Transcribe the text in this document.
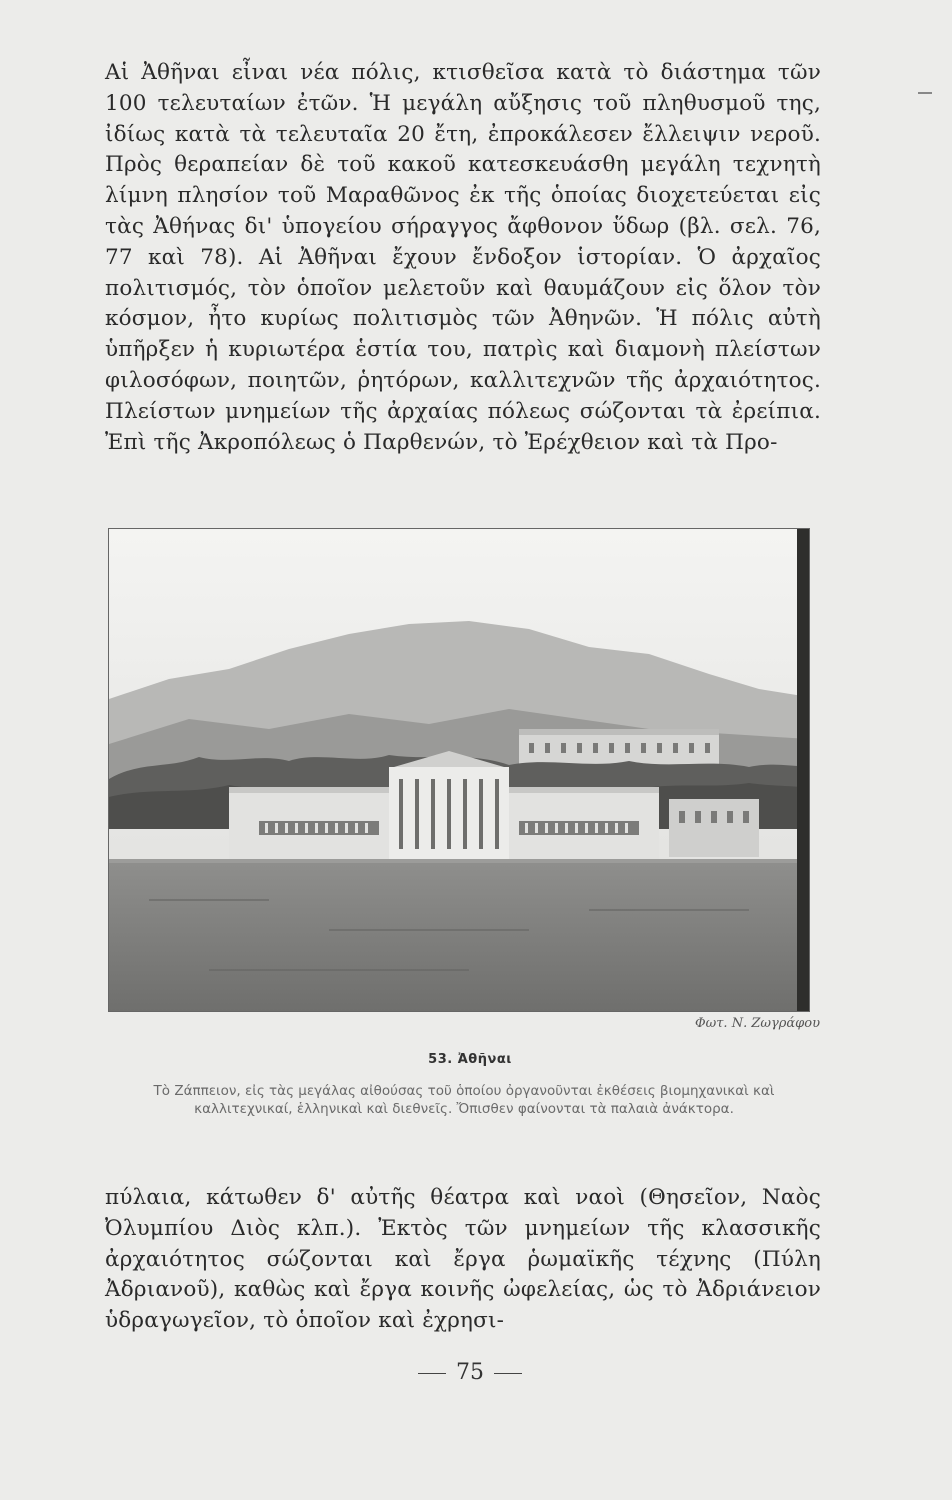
Αἱ Ἀθῆναι εἶναι νέα πόλις, κτισθεῖσα κατὰ τὸ διάστημα τῶν 100 τελευταίων ἐτῶν. Ἡ μεγάλη αὔξησις τοῦ πληθυσμοῦ της, ἰδίως κατὰ τὰ τελευταῖα 20 ἔτη, ἐπροκάλεσεν ἔλλειψιν νεροῦ. Πρὸς θεραπείαν δὲ τοῦ κακοῦ κατεσκευάσθη μεγάλη τεχνητὴ λίμνη πλησίον τοῦ Μαραθῶνος ἐκ τῆς ὁποίας διοχετεύεται εἰς τὰς Ἀθήνας δι' ὑπογείου σήραγγος ἄφθονον ὕδωρ (βλ. σελ. 76, 77 καὶ 78). Αἱ Ἀθῆναι ἔχουν ἔνδοξον ἱστορίαν. Ὁ ἀρχαῖος πολιτισμός, τὸν ὁποῖον μελετοῦν καὶ θαυμάζουν εἰς ὅλον τὸν κόσμον, ἦτο κυρίως πολιτισμὸς τῶν Ἀθηνῶν. Ἡ πόλις αὐτὴ ὑπῆρξεν ἡ κυριωτέρα ἑστία του, πατρὶς καὶ διαμονὴ πλείστων φιλοσόφων, ποιητῶν, ῥητόρων, καλλιτεχνῶν τῆς ἀρχαιότητος. Πλείστων μνημείων τῆς ἀρχαίας πόλεως σώζονται τὰ ἐρείπια. Ἐπὶ τῆς Ἀκροπόλεως ὁ Παρθενών, τὸ Ἐρέχθειον καὶ τὰ Προ-
Φωτ. Ν. Ζωγράφου
53. Ἀθῆναι
Τὸ Ζάππειον, εἰς τὰς μεγάλας αἰθούσας τοῦ ὁποίου ὀργανοῦνται ἐκθέσεις βιομηχανικαὶ καὶ καλλιτεχνικαί, ἑλληνικαὶ καὶ διεθνεῖς. Ὄπισθεν φαίνονται τὰ παλαιὰ ἀνάκτορα.
πύλαια, κάτωθεν δ' αὐτῆς θέατρα καὶ ναοὶ (Θησεῖον, Ναὸς Ὀλυμπίου Διὸς κλπ.). Ἐκτὸς τῶν μνημείων τῆς κλασσικῆς ἀρχαιότητος σώζονται καὶ ἔργα ῥωμαϊκῆς τέχνης (Πύλη Ἀδριανοῦ), καθὼς καὶ ἔργα κοινῆς ὠφελείας, ὡς τὸ Ἀδριάνειον ὑδραγωγεῖον, τὸ ὁποῖον καὶ ἐχρησι-
75
